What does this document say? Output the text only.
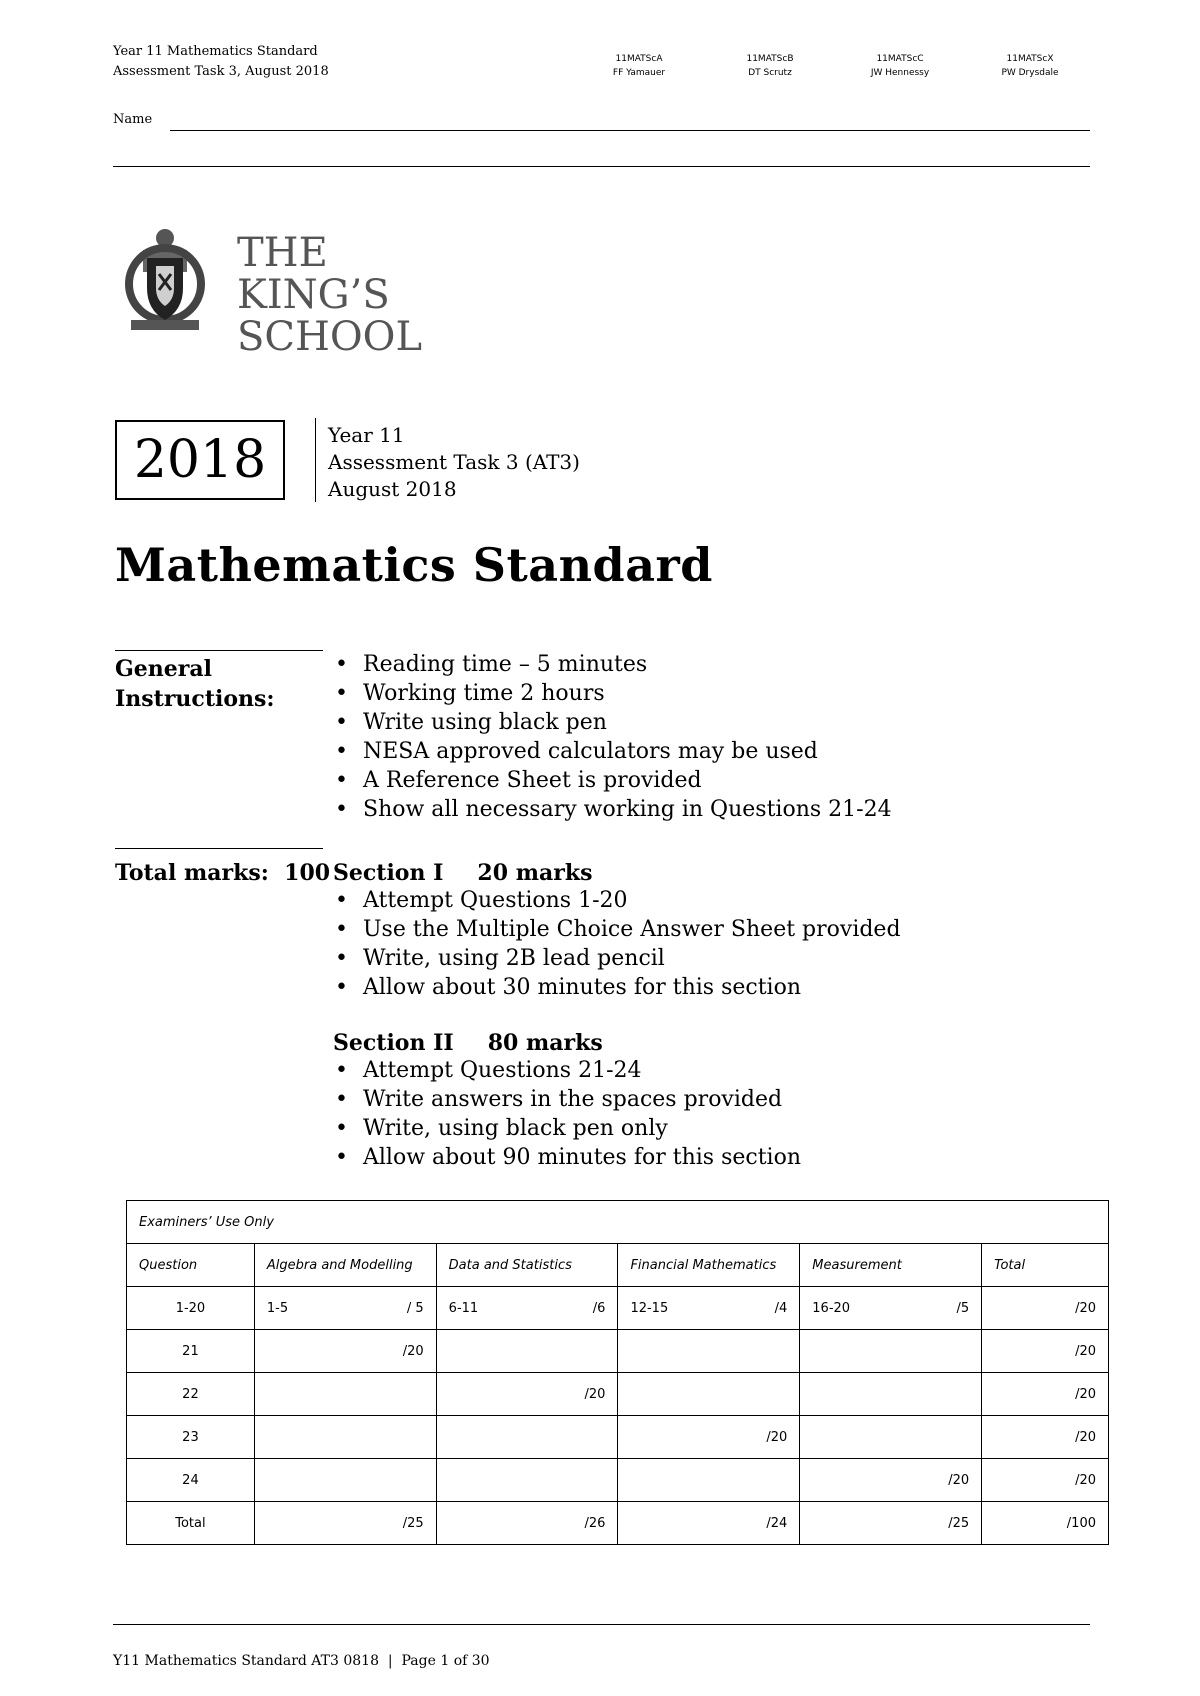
Year 11 Mathematics Standard
Assessment Task 3, August 2018
11MATScA
FF Yamauer
11MATScB
DT Scrutz
11MATScC
JW Hennessy
11MATScX
PW Drysdale
Name
THE
KING’S
SCHOOL
2018	Year 11
Assessment Task 3 (AT3)
August 2018
Mathematics Standard
General
Instructions:
• Reading time – 5 minutes
• Working time 2 hours
• Write using black pen
• NESA approved calculators may be used
• A Reference Sheet is provided
• Show all necessary working in Questions 21-24
Total marks:  100 Section I 20 marks
• Attempt Questions 1-20
• Use the Multiple Choice Answer Sheet provided
• Write, using 2B lead pencil
• Allow about 30 minutes for this section
Section II 80 marks
• Attempt Questions 21-24
• Write answers in the spaces provided
• Write, using black pen only
• Allow about 90 minutes for this section
Examiners’ Use Only					
Question	Algebra and Modelling	Data and Statistics	Financial Mathematics	Measurement	Total
1-20	1-5 / 5	6-11 /6	12-15 /4	16-20 /5	/20
21	/20				/20
22		/20			/20
23			/20		/20
24				/20	/20
Total	/25	/26	/24	/25	/100
Y11 Mathematics Standard AT3 0818  |  Page 1 of 30
